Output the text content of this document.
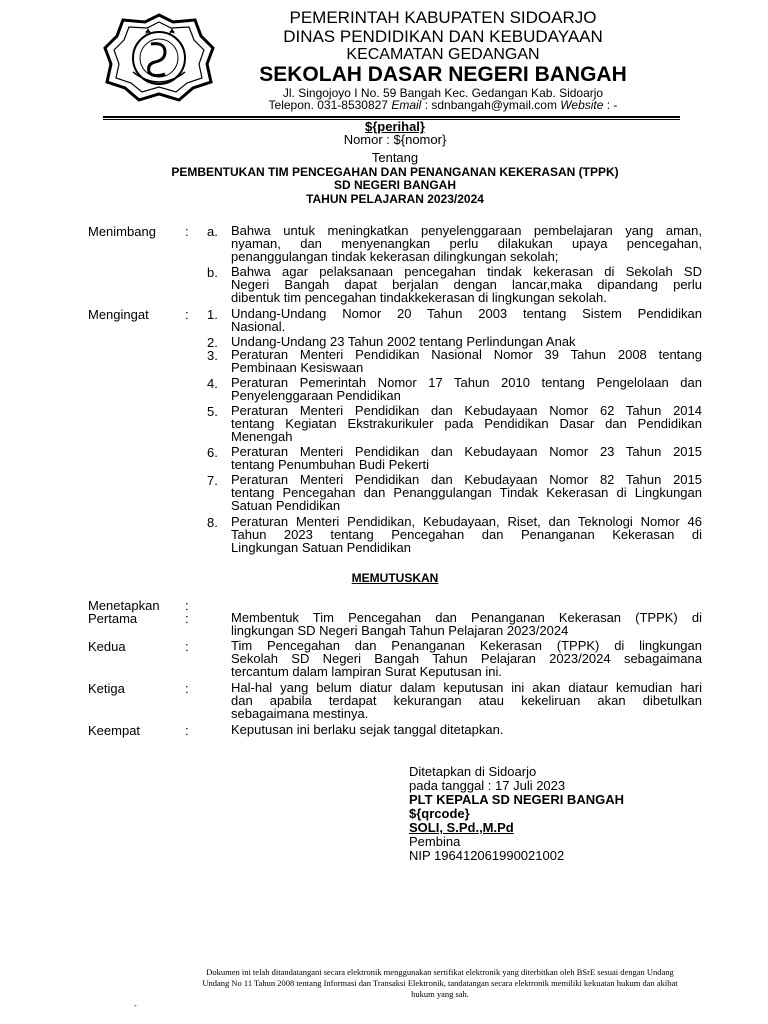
PEMERINTAH KABUPATEN SIDOARJO
DINAS PENDIDIKAN DAN KEBUDAYAAN
KECAMATAN GEDANGAN
SEKOLAH DASAR NEGERI BANGAH
Jl. Singojoyo I No. 59 Bangah Kec. Gedangan Kab. Sidoarjo
Telepon. 031-8530827 Email : sdnbangah@ymail.com Website : -
${perihal}
Nomor : ${nomor}
Tentang
PEMBENTUKAN TIM PENCEGAHAN DAN PENANGANAN KEKERASAN (TPPK)
SD NEGERI BANGAH
TAHUN PELAJARAN 2023/2024
Menimbang : a. Bahwa untuk meningkatkan penyelenggaraan pembelajaran yang aman,
nyaman, dan menyenangkan perlu dilakukan upaya pencegahan,
penanggulangan tindak kekerasan dilingkungan sekolah;
b. Bahwa agar pelaksanaan pencegahan tindak kekerasan di Sekolah SD
Negeri Bangah dapat berjalan dengan lancar,maka dipandang perlu
dibentuk tim pencegahan tindakkekerasan di lingkungan sekolah.
Mengingat	: 1. Undang-Undang Nomor 20 Tahun 2003 tentang Sistem Pendidikan
Nasional.
2. Undang-Undang 23 Tahun 2002 tentang Perlindungan Anak
3. Peraturan Menteri Pendidikan Nasional Nomor 39 Tahun 2008 tentang
Pembinaan Kesiswaan
4. Peraturan Pemerintah Nomor 17 Tahun 2010 tentang Pengelolaan dan
Penyelenggaraan Pendidikan
5. Peraturan Menteri Pendidikan dan Kebudayaan Nomor 62 Tahun 2014
tentang Kegiatan Ekstrakurikuler pada Pendidikan Dasar dan Pendidikan
Menengah
6. Peraturan Menteri Pendidikan dan Kebudayaan Nomor 23 Tahun 2015
tentang Penumbuhan Budi Pekerti
7. Peraturan Menteri Pendidikan dan Kebudayaan Nomor 82 Tahun 2015
tentang Pencegahan dan Penanggulangan Tindak Kekerasan di Lingkungan
Satuan Pendidikan
8. Peraturan Menteri Pendidikan, Kebudayaan, Riset, dan Teknologi Nomor 46
Tahun 2023 tentang Pencegahan dan Penanganan Kekerasan di
Lingkungan Satuan Pendidikan
MEMUTUSKAN
Menetapkan :
Pertama	:	Membentuk Tim Pencegahan dan Penanganan Kekerasan (TPPK) di
lingkungan SD Negeri Bangah Tahun Pelajaran 2023/2024
Kedua	:	Tim Pencegahan dan Penanganan Kekerasan (TPPK) di lingkungan
Sekolah SD Negeri Bangah Tahun Pelajaran 2023/2024 sebagaimana
tercantum dalam lampiran Surat Keputusan ini.
Ketiga	:	Hal-hal yang belum diatur dalam keputusan ini akan diataur kemudian hari
dan apabila terdapat kekurangan atau kekeliruan akan dibetulkan
sebagaimana mestinya.
Keempat	:	Keputusan ini berlaku sejak tanggal ditetapkan.
Ditetapkan di Sidoarjo
pada tanggal : 17 Juli 2023
PLT KEPALA SD NEGERI BANGAH
${qrcode}
SOLI, S.Pd.,M.Pd
Pembina
NIP 196412061990021002
Dokumen ini telah ditandatangani secara elektronik menggunakan sertifikat elektronik yang diterbitkan oleh BSrE sesuai dengan Undang
Undang No 11 Tahun 2008 tentang Informasi dan Transaksi Elektronik, tandatangan secara elektronik memiliki kekuatan hukum dan akibat
hukum yang sah.
-
